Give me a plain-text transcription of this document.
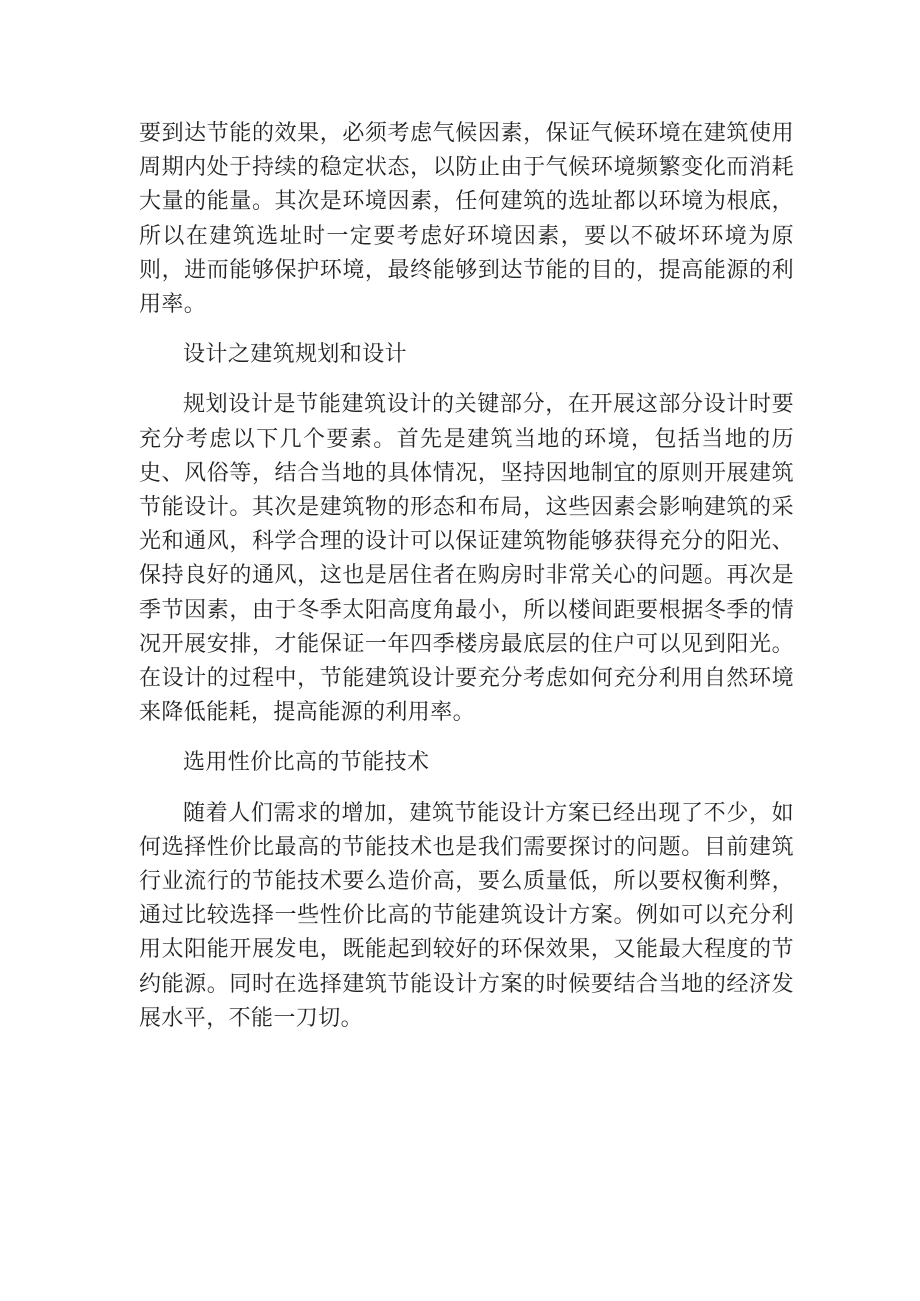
要到达节能的效果，必须考虑气候因素，保证气候环境在建筑使用周期内处于持续的稳定状态，以防止由于气候环境频繁变化而消耗大量的能量。其次是环境因素，任何建筑的选址都以环境为根底，所以在建筑选址时一定要考虑好环境因素，要以不破坏环境为原则，进而能够保护环境，最终能够到达节能的目的，提高能源的利用率。

设计之建筑规划和设计

规划设计是节能建筑设计的关键部分，在开展这部分设计时要充分考虑以下几个要素。首先是建筑当地的环境，包括当地的历史、风俗等，结合当地的具体情况，坚持因地制宜的原则开展建筑节能设计。其次是建筑物的形态和布局，这些因素会影响建筑的采光和通风，科学合理的设计可以保证建筑物能够获得充分的阳光、保持良好的通风，这也是居住者在购房时非常关心的问题。再次是季节因素，由于冬季太阳高度角最小，所以楼间距要根据冬季的情况开展安排，才能保证一年四季楼房最底层的住户可以见到阳光。在设计的过程中，节能建筑设计要充分考虑如何充分利用自然环境来降低能耗，提高能源的利用率。

选用性价比高的节能技术

随着人们需求的增加，建筑节能设计方案已经出现了不少，如何选择性价比最高的节能技术也是我们需要探讨的问题。目前建筑行业流行的节能技术要么造价高，要么质量低，所以要权衡利弊，通过比较选择一些性价比高的节能建筑设计方案。例如可以充分利用太阳能开展发电，既能起到较好的环保效果，又能最大程度的节约能源。同时在选择建筑节能设计方案的时候要结合当地的经济发展水平，不能一刀切。
